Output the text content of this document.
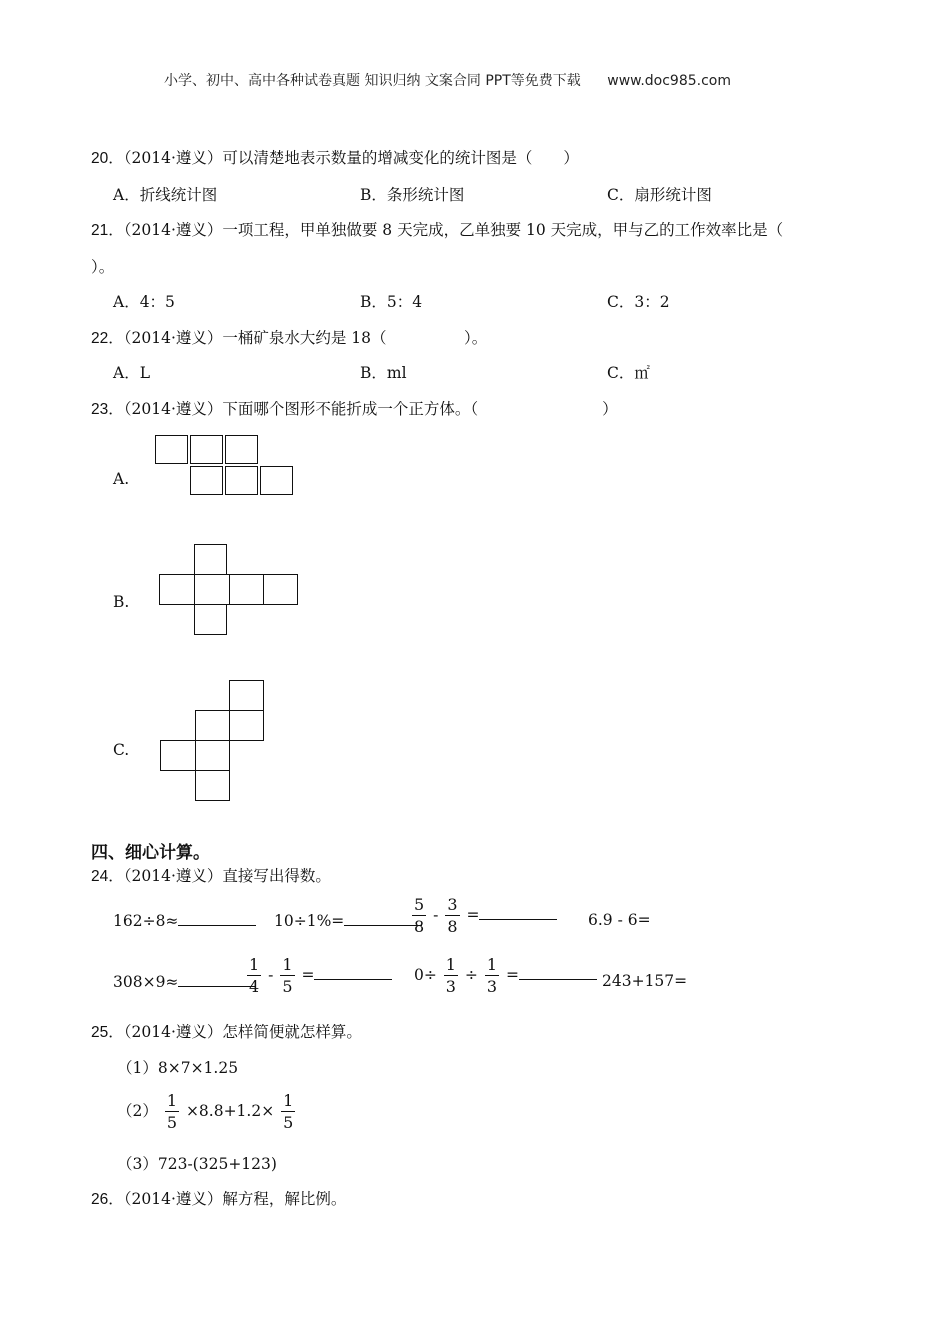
小学、初中、高中各种试卷真题 知识归纳 文案合同 PPT等免费下载 www.doc985.com
20．（2014·遵义）可以清楚地表示数量的增减变化的统计图是（　　）
A．折线统计图	B．条形统计图	C．扇形统计图
21．（2014·遵义）一项工程，甲单独做要 8 天完成，乙单独要 10 天完成，甲与乙的工作效率比是（
）。
A．4：5	B．5：4	C．3：2
22．（2014·遵义）一桶矿泉水大约是 18（　　　　　）。
A．L	B．ml	C．㎡
23．（2014·遵义）下面哪个图形不能折成一个正方体。（　　　　　　　　）
A.
B.
C.
四、细心计算。
24．（2014·遵义）直接写出得数。
162÷8≈	10÷1%=	$\frac{5}{8} - \frac{3}{8}$ =	6.9 - 6=
308×9≈	$\frac{1}{4} - \frac{1}{5}$ =	$0\div \frac{1}{3} \div \frac{1}{3}$ =	243+157=
25．（2014·遵义）怎样简便就怎样算。
（1）8×7×1.25
$(2) \frac{1}{5} \times 8.8+1.2\times \frac{1}{5}$
（3）723-(325+123)
26．（2014·遵义）解方程，解比例。
